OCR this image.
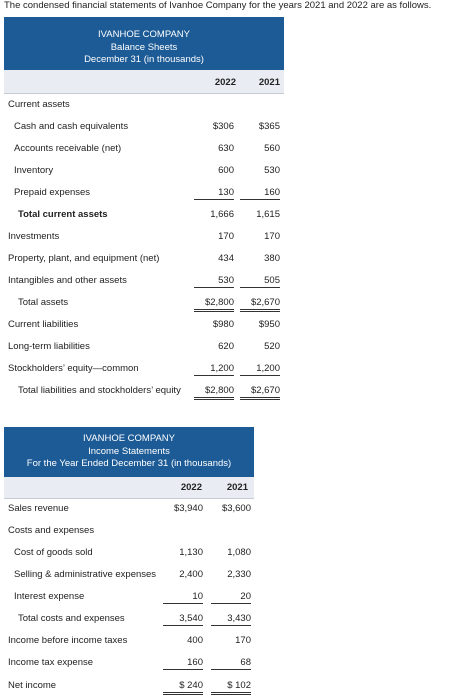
The condensed financial statements of Ivanhoe Company for the years 2021 and 2022 are as follows.
IVANHOE COMPANY
Balance Sheets
December 31 (in thousands)
2022	2021
Current assets
Cash and cash equivalents	$306	$365
Accounts receivable (net)	630	560
Inventory	600	530
Prepaid expenses	130	160
Total current assets	1,666	1,615
Investments	170	170
Property, plant, and equipment (net)	434	380
Intangibles and other assets	530	505
Total assets	$2,800	$2,670
Current liabilities	$980	$950
Long-term liabilities	620	520
Stockholders’ equity—common	1,200	1,200
Total liabilities and stockholders’ equity	$2,800	$2,670
IVANHOE COMPANY
Income Statements
For the Year Ended December 31 (in thousands)
2022	2021
Sales revenue	$3,940	$3,600
Costs and expenses
Cost of goods sold	1,130	1,080
Selling & administrative expenses	2,400	2,330
Interest expense	10	20
Total costs and expenses	3,540	3,430
Income before income taxes	400	170
Income tax expense	160	68
Net income	$ 240	$ 102
